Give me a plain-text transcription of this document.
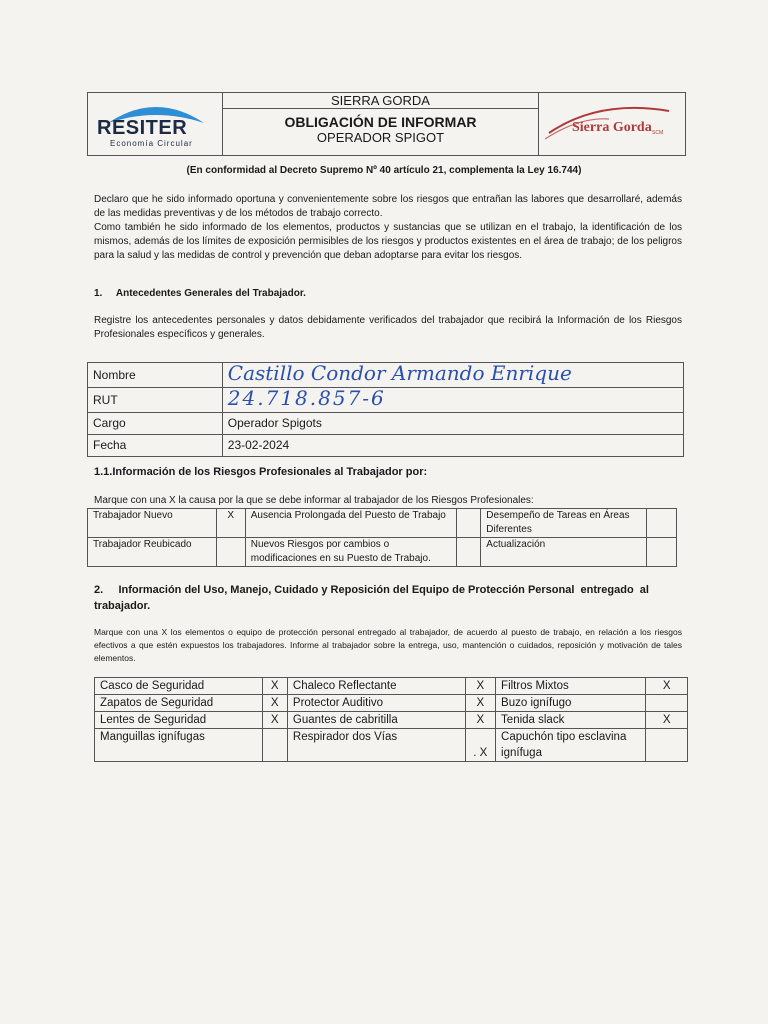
RESITER
Economía Circular
SIERRA GORDA
OBLIGACIÓN DE INFORMAR
OPERADOR SPIGOT
Sierra Gorda SCM
(En conformidad al Decreto Supremo Nº 40 artículo 21, complementa la Ley 16.744)
Declaro que he sido informado oportuna y convenientemente sobre los riesgos que entrañan las labores que desarrollaré, además de las medidas preventivas y de los métodos de trabajo correcto.
Como también he sido informado de los elementos, productos y sustancias que se utilizan en el trabajo, la identificación de los mismos, además de los límites de exposición permisibles de los riesgos y productos existentes en el área de trabajo; de los peligros para la salud y las medidas de control y prevención que deban adoptarse para evitar los riesgos.
1.     Antecedentes Generales del Trabajador.
Registre los antecedentes personales y datos debidamente verificados del trabajador que recibirá la Información de los Riesgos Profesionales específicos y generales.
Nombre	Castillo Condor Armando Enrique
RUT	24.718.857-6
Cargo	Operador Spigots
Fecha	23-02-2024
1.1.Información de los Riesgos Profesionales al Trabajador por:
Marque con una X la causa por la que se debe informar al trabajador de los Riesgos Profesionales:
Trabajador Nuevo	X	Ausencia Prolongada del Puesto de Trabajo		Desempeño de Tareas en Áreas Diferentes	
Trabajador Reubicado		Nuevos Riesgos por cambios o modificaciones en su Puesto de Trabajo.		Actualización	
2.     Información del Uso, Manejo, Cuidado y Reposición del Equipo de Protección Personal  entregado  al trabajador.
Marque con una X los elementos o equipo de protección personal entregado al trabajador, de acuerdo al puesto de trabajo, en relación a los riesgos efectivos a que estén expuestos los trabajadores. Informe al trabajador sobre la entrega, uso, mantención o cuidados, reposición y motivación de tales elementos.
Casco de Seguridad	X	Chaleco Reflectante	X	Filtros Mixtos	X
Zapatos de Seguridad	X	Protector Auditivo	X	Buzo ignífugo	
Lentes de Seguridad	X	Guantes de cabritilla	X	Tenida slack	X
Manguillas ignífugas		Respirador dos Vías	. X	Capuchón tipo esclavina ignífuga	
